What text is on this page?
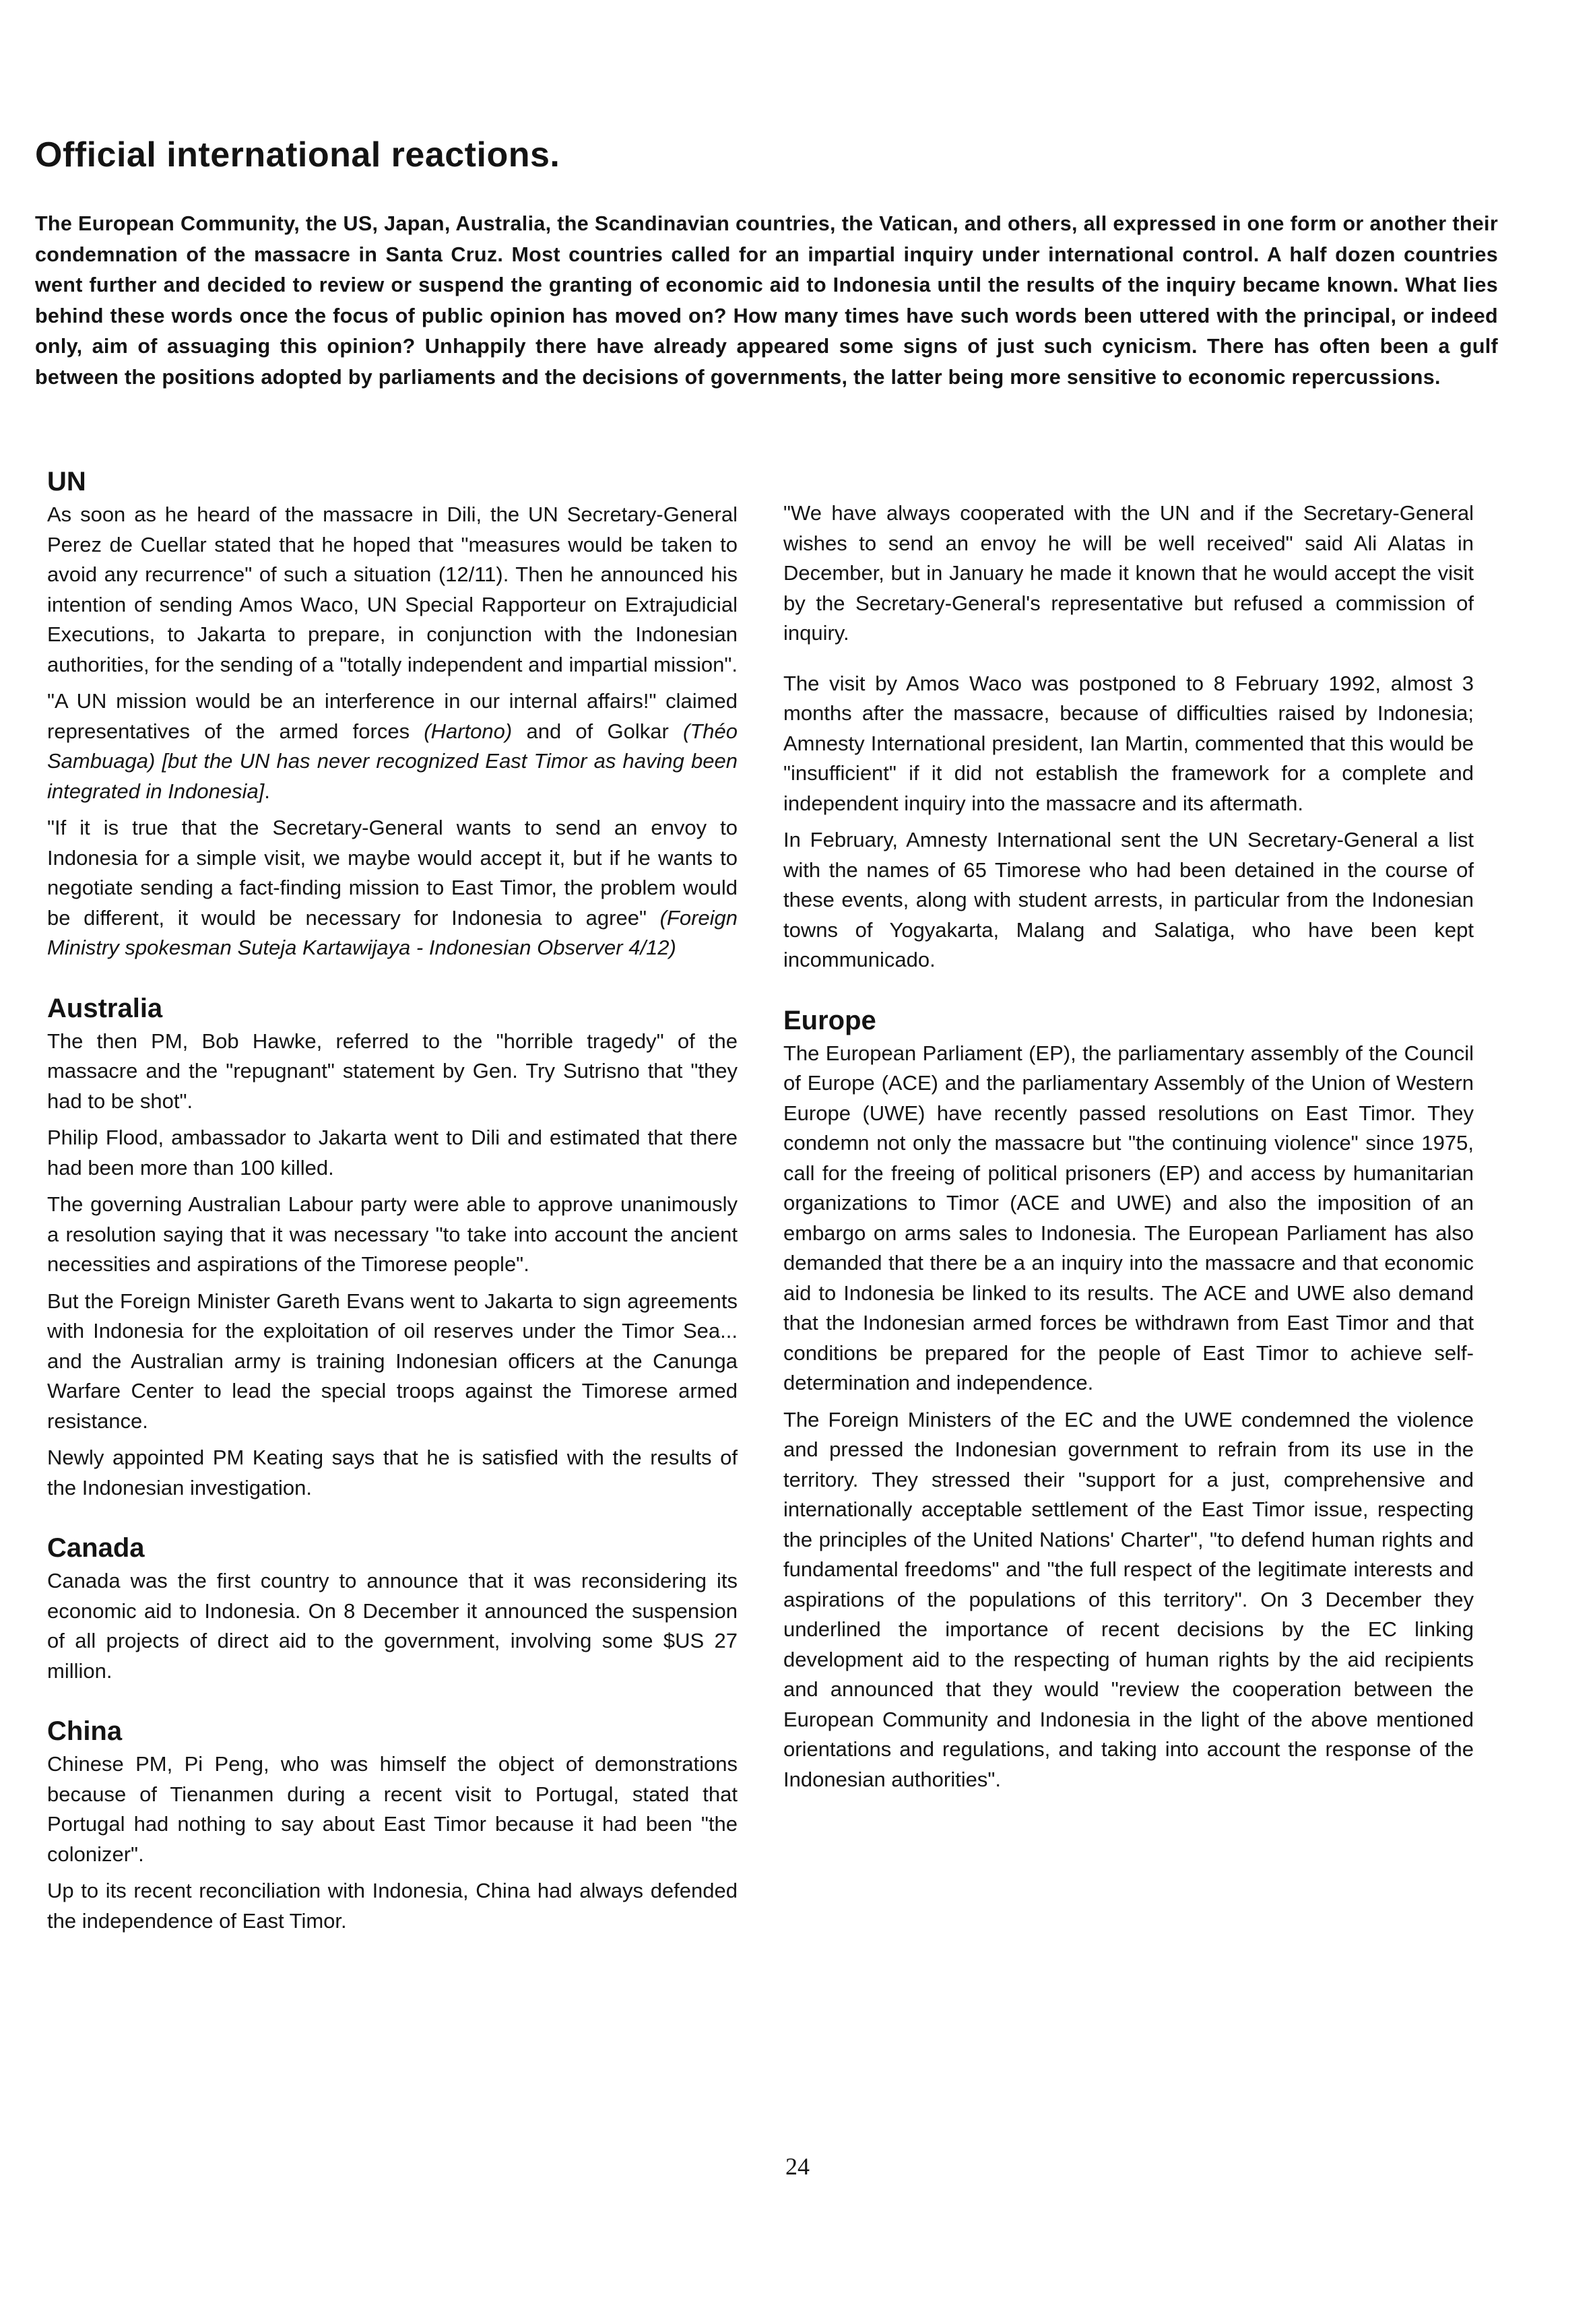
Official international reactions.

The European Community, the US, Japan, Australia, the Scandinavian countries, the Vatican, and others, all expressed in one form or another their condemnation of the massacre in Santa Cruz. Most countries called for an impartial inquiry under international control. A half dozen countries went further and decided to review or suspend the granting of economic aid to Indonesia until the results of the inquiry became known. What lies behind these words once the focus of public opinion has moved on? How many times have such words been uttered with the principal, or indeed only, aim of assuaging this opinion? Unhappily there have already appeared some signs of just such cynicism. There has often been a gulf between the positions adopted by parliaments and the decisions of governments, the latter being more sensitive to economic repercussions.

UN

As soon as he heard of the massacre in Dili, the UN Secretary-General Perez de Cuellar stated that he hoped that "measures would be taken to avoid any recurrence" of such a situation (12/11). Then he announced his intention of sending Amos Waco, UN Special Rapporteur on Extrajudicial Executions, to Jakarta to prepare, in conjunction with the Indonesian authorities, for the sending of a "totally independent and impartial mission".

"A UN mission would be an interference in our internal affairs!" claimed representatives of the armed forces (Hartono) and of Golkar (Théo Sambuaga) [but the UN has never recognized East Timor as having been integrated in Indonesia].

"If it is true that the Secretary-General wants to send an envoy to Indonesia for a simple visit, we maybe would accept it, but if he wants to negotiate sending a fact-finding mission to East Timor, the problem would be different, it would be necessary for Indonesia to agree" (Foreign Ministry spokesman Suteja Kartawijaya - Indonesian Observer 4/12)

Australia

The then PM, Bob Hawke, referred to the "horrible tragedy" of the massacre and the "repugnant" statement by Gen. Try Sutrisno that "they had to be shot".

Philip Flood, ambassador to Jakarta went to Dili and estimated that there had been more than 100 killed.

The governing Australian Labour party were able to approve unanimously a resolution saying that it was necessary "to take into account the ancient necessities and aspirations of the Timorese people".

But the Foreign Minister Gareth Evans went to Jakarta to sign agreements with Indonesia for the exploitation of oil reserves under the Timor Sea... and the Australian army is training Indonesian officers at the Canunga Warfare Center to lead the special troops against the Timorese armed resistance.

Newly appointed PM Keating says that he is satisfied with the results of the Indonesian investigation.

Canada

Canada was the first country to announce that it was reconsidering its economic aid to Indonesia. On 8 December it announced the suspension of all projects of direct aid to the government, involving some $US 27 million.

China

Chinese PM, Pi Peng, who was himself the object of demonstrations because of Tienanmen during a recent visit to Portugal, stated that Portugal had nothing to say about East Timor because it had been "the colonizer".

Up to its recent reconciliation with Indonesia, China had always defended the independence of East Timor.

"We have always cooperated with the UN and if the Secretary-General wishes to send an envoy he will be well received" said Ali Alatas in December, but in January he made it known that he would accept the visit by the Secretary-General's representative but refused a commission of inquiry.

The visit by Amos Waco was postponed to 8 February 1992, almost 3 months after the massacre, because of difficulties raised by Indonesia; Amnesty International president, Ian Martin, commented that this would be "insufficient" if it did not establish the framework for a complete and independent inquiry into the massacre and its aftermath.

In February, Amnesty International sent the UN Secretary-General a list with the names of 65 Timorese who had been detained in the course of these events, along with student arrests, in particular from the Indonesian towns of Yogyakarta, Malang and Salatiga, who have been kept incommunicado.

Europe

The European Parliament (EP), the parliamentary assembly of the Council of Europe (ACE) and the parliamentary Assembly of the Union of Western Europe (UWE) have recently passed resolutions on East Timor. They condemn not only the massacre but "the continuing violence" since 1975, call for the freeing of political prisoners (EP) and access by humanitarian organizations to Timor (ACE and UWE) and also the imposition of an embargo on arms sales to Indonesia. The European Parliament has also demanded that there be a an inquiry into the massacre and that economic aid to Indonesia be linked to its results. The ACE and UWE also demand that the Indonesian armed forces be withdrawn from East Timor and that conditions be prepared for the people of East Timor to achieve self-determination and independence.

The Foreign Ministers of the EC and the UWE condemned the violence and pressed the Indonesian government to refrain from its use in the territory. They stressed their "support for a just, comprehensive and internationally acceptable settlement of the East Timor issue, respecting the principles of the United Nations' Charter", "to defend human rights and fundamental freedoms" and "the full respect of the legitimate interests and aspirations of the populations of this territory". On 3 December they underlined the importance of recent decisions by the EC linking development aid to the respecting of human rights by the aid recipients and announced that they would "review the cooperation between the European Community and Indonesia in the light of the above mentioned orientations and regulations, and taking into account the response of the Indonesian authorities".

24
